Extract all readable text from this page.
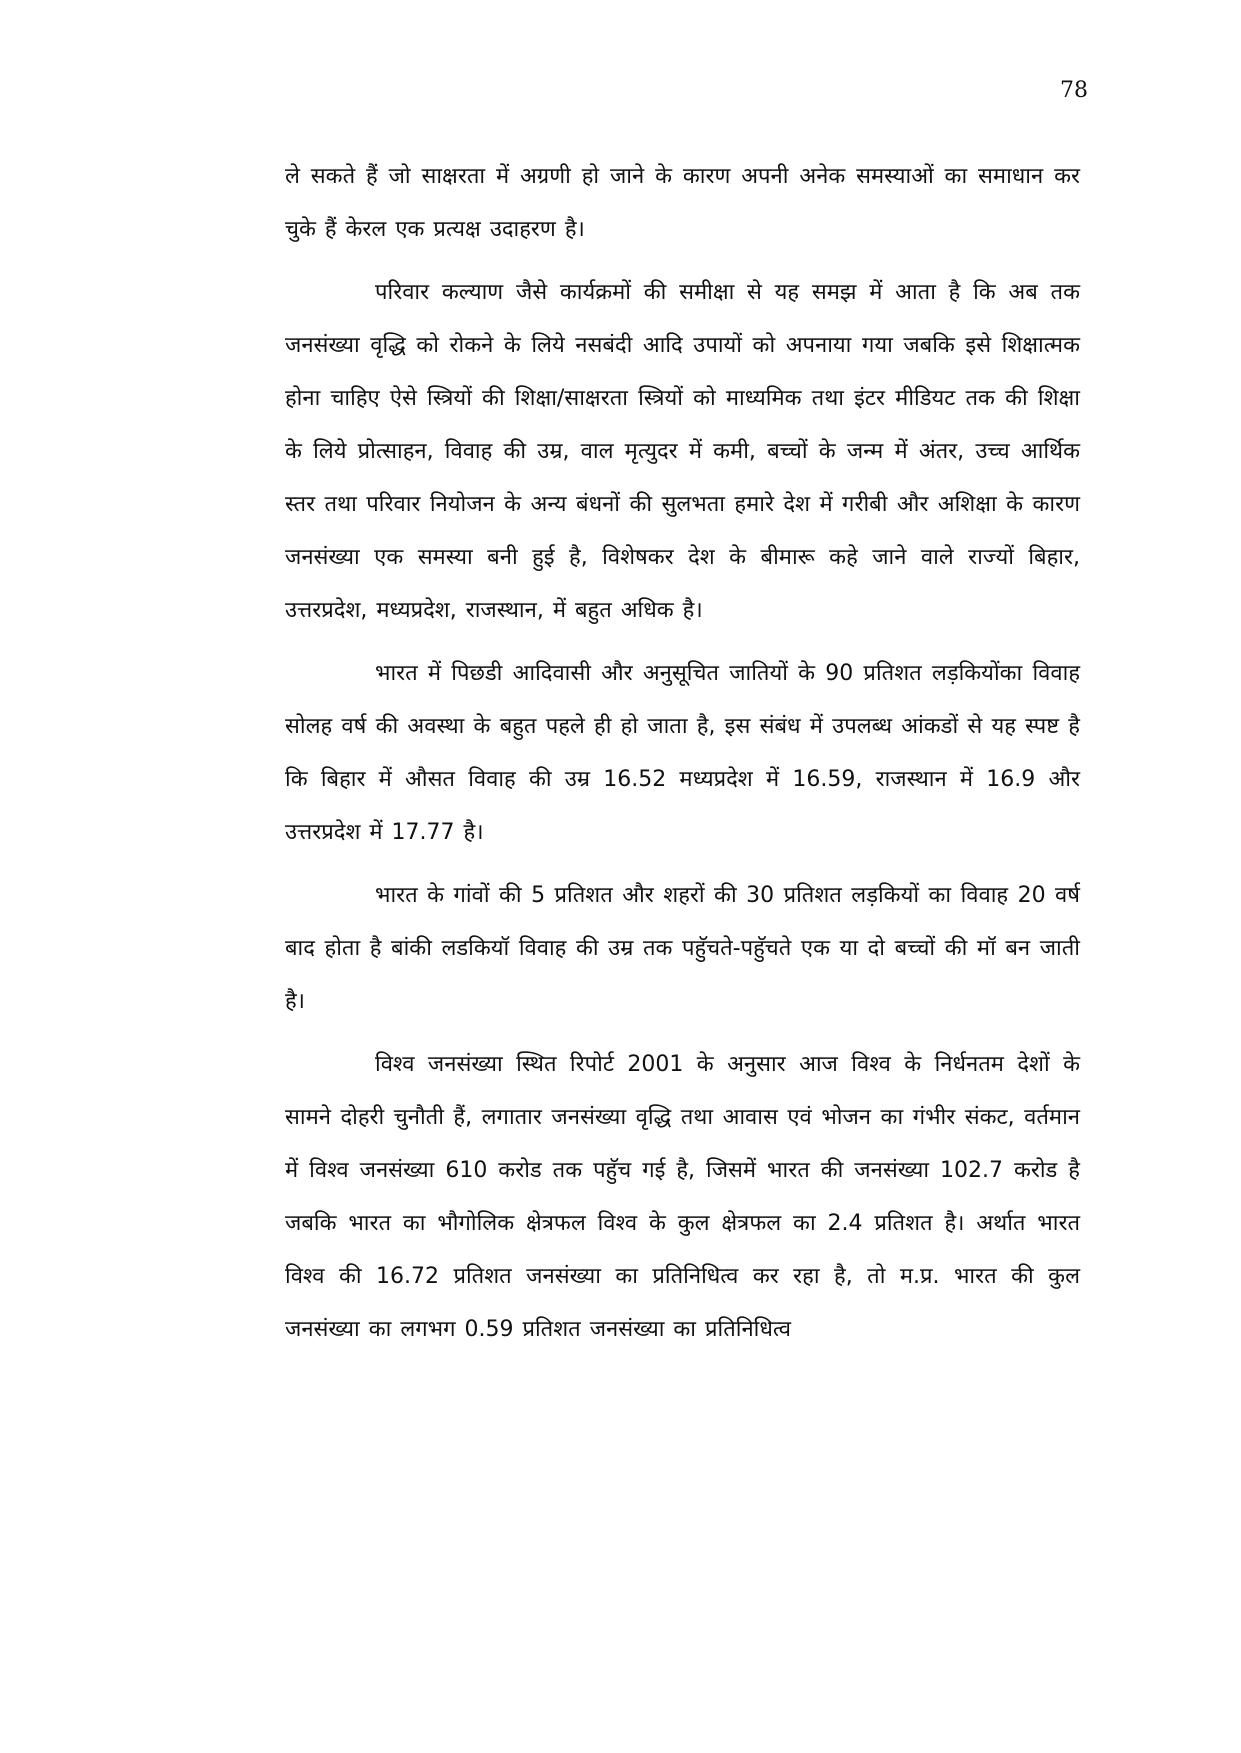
78

ले सकते हैं जो साक्षरता में अग्रणी हो जाने के कारण अपनी अनेक समस्याओं का समाधान कर चुके हैं केरल एक प्रत्यक्ष उदाहरण है।

परिवार कल्याण जैसे कार्यक्रमों की समीक्षा से यह समझ में आता है कि अब तक जनसंख्या वृद्धि को रोकने के लिये नसबंदी आदि उपायों को अपनाया गया जबकि इसे शिक्षात्मक होना चाहिए ऐसे स्त्रियों की शिक्षा/साक्षरता स्त्रियों को माध्यमिक तथा इंटर मीडियट तक की शिक्षा के लिये प्रोत्साहन, विवाह की उम्र, वाल मृत्युदर में कमी, बच्चों के जन्म में अंतर, उच्च आर्थिक स्तर तथा परिवार नियोजन के अन्य बंधनों की सुलभता हमारे देश में गरीबी और अशिक्षा के कारण जनसंख्या एक समस्या बनी हुई है, विशेषकर देश के बीमारू कहे जाने वाले राज्यों बिहार, उत्तरप्रदेश, मध्यप्रदेश, राजस्थान, में बहुत अधिक है।

भारत में पिछडी आदिवासी और अनुसूचित जातियों के 90 प्रतिशत लड़कियोंका विवाह सोलह वर्ष की अवस्था के बहुत पहले ही हो जाता है, इस संबंध में उपलब्ध आंकडों से यह स्पष्ट है कि बिहार में औसत विवाह की उम्र 16.52 मध्यप्रदेश में 16.59, राजस्थान में 16.9 और उत्तरप्रदेश में 17.77 है।

भारत के गांवों की 5 प्रतिशत और शहरों की 30 प्रतिशत लड़कियों का विवाह 20 वर्ष बाद होता है बांकी लडकियॉ विवाह की उम्र तक पहुॅचते-पहुॅचते एक या दो बच्चों की मॉ बन जाती है।

विश्व जनसंख्या स्थित रिपोर्ट 2001 के अनुसार आज विश्व के निर्धनतम देशों के सामने दोहरी चुनौती हैं, लगातार जनसंख्या वृद्धि तथा आवास एवं भोजन का गंभीर संकट, वर्तमान में विश्व जनसंख्या 610 करोड तक पहुॅच गई है, जिसमें भारत की जनसंख्या 102.7 करोड है जबकि भारत का भौगोलिक क्षेत्रफल विश्व के कुल क्षेत्रफल का 2.4 प्रतिशत है। अर्थात भारत विश्व की 16.72 प्रतिशत जनसंख्या का प्रतिनिधित्व कर रहा है, तो म.प्र. भारत की कुल जनसंख्या का लगभग 0.59 प्रतिशत जनसंख्या का प्रतिनिधित्व
